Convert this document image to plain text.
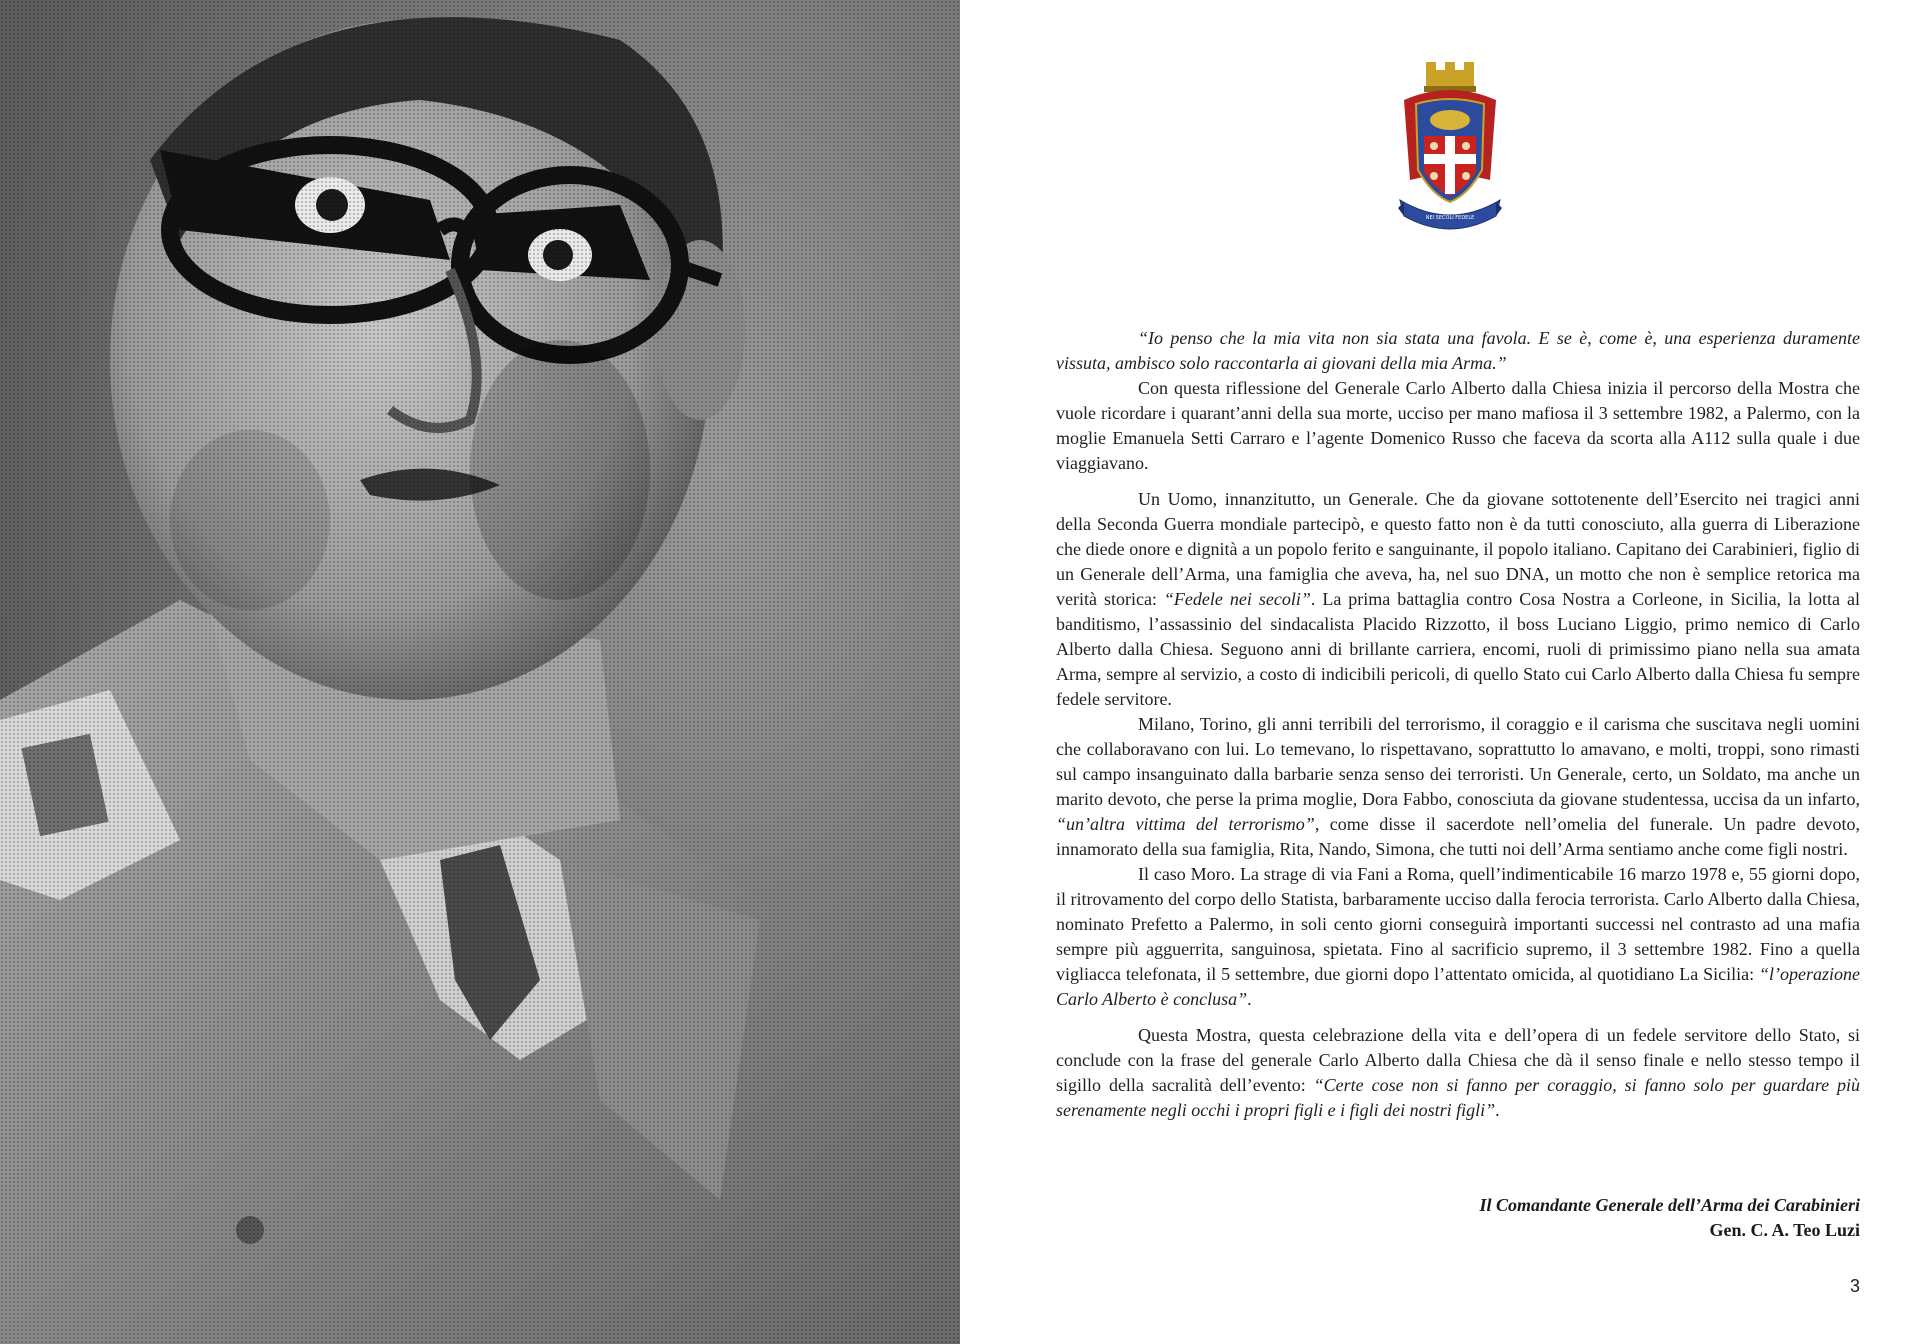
NEI SECOLI FEDELE

“Io penso che la mia vita non sia stata una favola. E se è, come è, una esperienza duramente vissuta, ambisco solo raccontarla ai giovani della mia Arma.”

Con questa riflessione del Generale Carlo Alberto dalla Chiesa inizia il percorso della Mostra che vuole ricordare i quarant’anni della sua morte, ucciso per mano mafiosa il 3 settembre 1982, a Palermo, con la moglie Emanuela Setti Carraro e l’agente Domenico Russo che faceva da scorta alla A112 sulla quale i due viaggiavano.

Un Uomo, innanzitutto, un Generale. Che da giovane sottotenente dell’Esercito nei tragici anni della Seconda Guerra mondiale partecipò, e questo fatto non è da tutti conosciuto, alla guerra di Liberazione che diede onore e dignità a un popolo ferito e sanguinante, il popolo italiano. Capitano dei Carabinieri, figlio di un Generale dell’Arma, una famiglia che aveva, ha, nel suo DNA, un motto che non è semplice retorica ma verità storica: “Fedele nei secoli”. La prima battaglia contro Cosa Nostra a Corleone, in Sicilia, la lotta al banditismo, l’assassinio del sindacalista Placido Rizzotto, il boss Luciano Liggio, primo nemico di Carlo Alberto dalla Chiesa. Seguono anni di brillante carriera, encomi, ruoli di primissimo piano nella sua amata Arma, sempre al servizio, a costo di indicibili pericoli, di quello Stato cui Carlo Alberto dalla Chiesa fu sempre fedele servitore.

Milano, Torino, gli anni terribili del terrorismo, il coraggio e il carisma che suscitava negli uomini che collaboravano con lui. Lo temevano, lo rispettavano, soprattutto lo amavano, e molti, troppi, sono rimasti sul campo insanguinato dalla barbarie senza senso dei terroristi. Un Generale, certo, un Soldato, ma anche un marito devoto, che perse la prima moglie, Dora Fabbo, conosciuta da giovane studentessa, uccisa da un infarto, “un’altra vittima del terrorismo”, come disse il sacerdote nell’omelia del funerale. Un padre devoto, innamorato della sua famiglia, Rita, Nando, Simona, che tutti noi dell’Arma sentiamo anche come figli nostri.

Il caso Moro. La strage di via Fani a Roma, quell’indimenticabile 16 marzo 1978 e, 55 giorni dopo, il ritrovamento del corpo dello Statista, barbaramente ucciso dalla ferocia terrorista. Carlo Alberto dalla Chiesa, nominato Prefetto a Palermo, in soli cento giorni conseguirà importanti successi nel contrasto ad una mafia sempre più agguerrita, sanguinosa, spietata. Fino al sacrificio supremo, il 3 settembre 1982. Fino a quella vigliacca telefonata, il 5 settembre, due giorni dopo l’attentato omicida, al quotidiano La Sicilia: “l’operazione Carlo Alberto è conclusa”.

Questa Mostra, questa celebrazione della vita e dell’opera di un fedele servitore dello Stato, si conclude con la frase del generale Carlo Alberto dalla Chiesa che dà il senso finale e nello stesso tempo il sigillo della sacralità dell’evento: “Certe cose non si fanno per coraggio, si fanno solo per guardare più serenamente negli occhi i propri figli e i figli dei nostri figli”.

Il Comandante Generale dell’Arma dei Carabinieri
Gen. C. A. Teo Luzi
3
